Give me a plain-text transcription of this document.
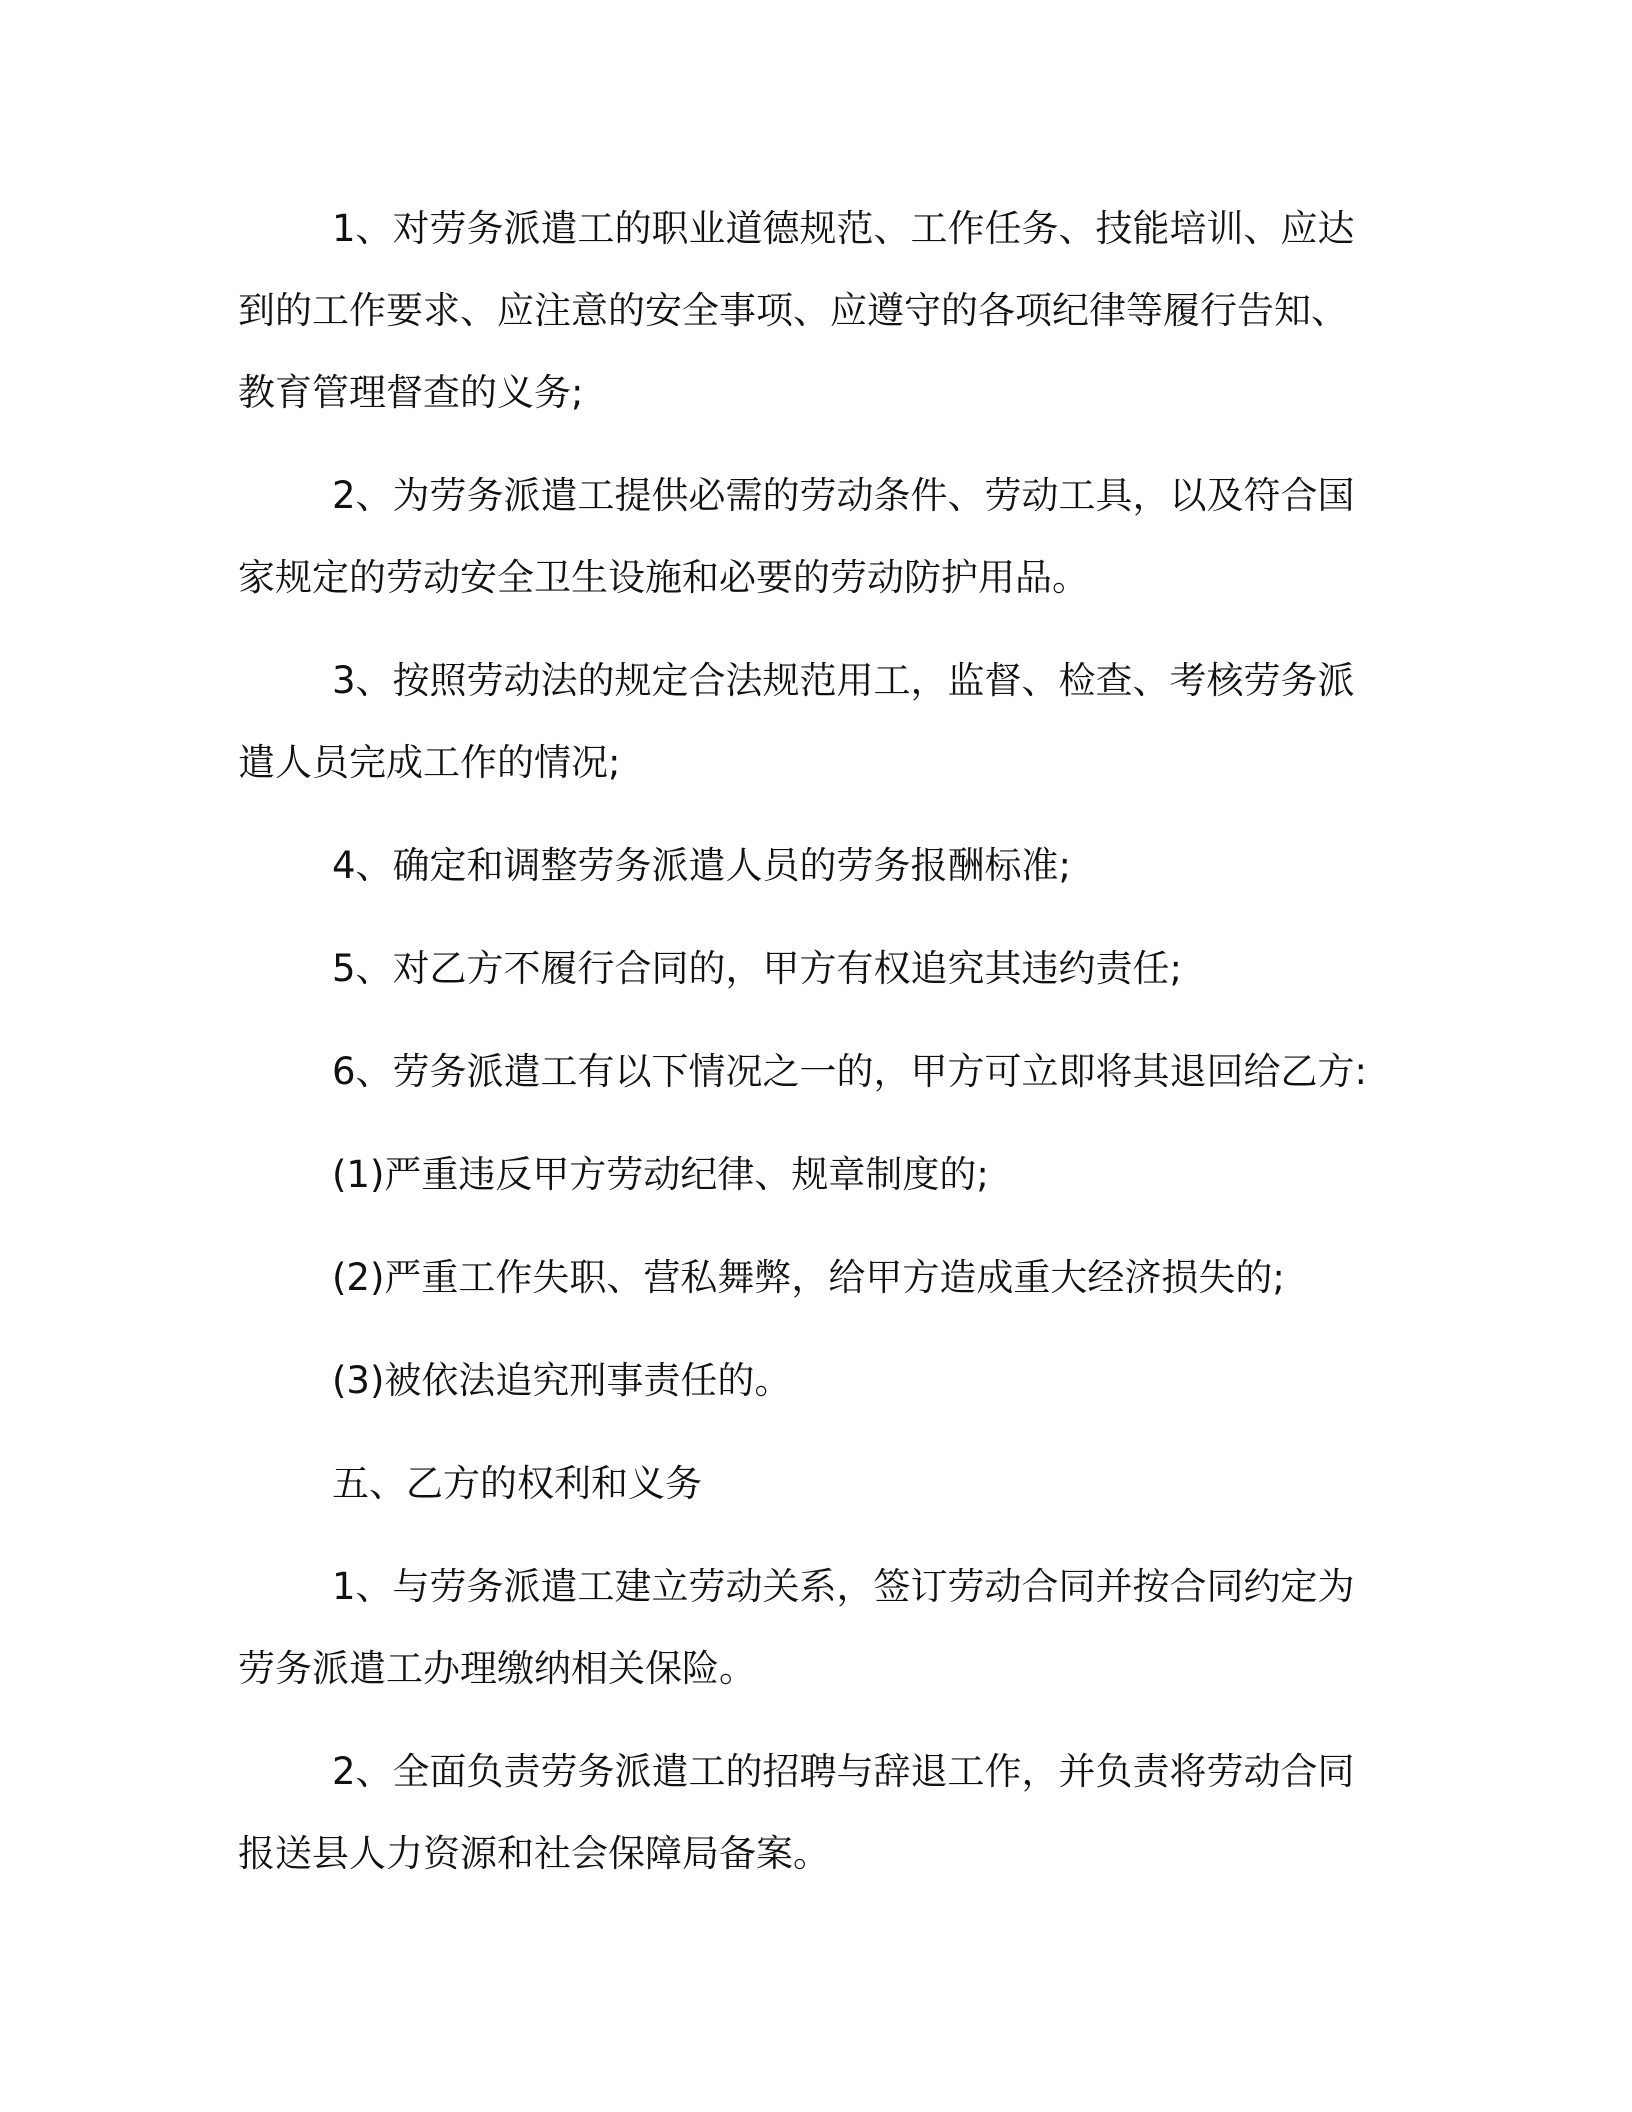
1、对劳务派遣工的职业道德规范、工作任务、技能培训、应达到的工作要求、应注意的安全事项、应遵守的各项纪律等履行告知、教育管理督查的义务;

2、为劳务派遣工提供必需的劳动条件、劳动工具，以及符合国家规定的劳动安全卫生设施和必要的劳动防护用品。

3、按照劳动法的规定合法规范用工，监督、检查、考核劳务派遣人员完成工作的情况;

4、确定和调整劳务派遣人员的劳务报酬标准;

5、对乙方不履行合同的，甲方有权追究其违约责任;

6、劳务派遣工有以下情况之一的，甲方可立即将其退回给乙方:

(1)严重违反甲方劳动纪律、规章制度的;

(2)严重工作失职、营私舞弊，给甲方造成重大经济损失的;

(3)被依法追究刑事责任的。

五、乙方的权利和义务

1、与劳务派遣工建立劳动关系，签订劳动合同并按合同约定为劳务派遣工办理缴纳相关保险。

2、全面负责劳务派遣工的招聘与辞退工作，并负责将劳动合同报送县人力资源和社会保障局备案。
